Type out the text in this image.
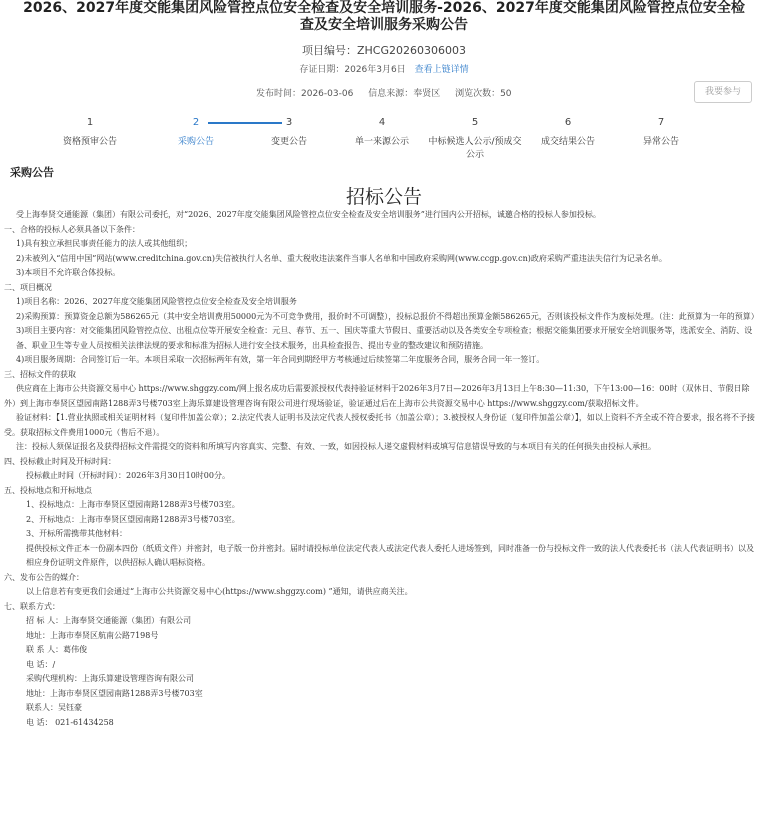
2026、2027年度交能集团风险管控点位安全检查及安全培训服务-2026、2027年度交能集团风险管控点位安全检
查及安全培训服务采购公告
项目编号：ZHCG20260306003
存证日期：2026年3月6日 查看上链详情
发布时间：2026-03-06 信息来源：奉贤区 浏览次数：50	我要参与
1
资格预审公告
2
采购公告
3
变更公告
4
单一来源公示
5
中标候选人公示/预成交
公示
6
成交结果公告
7
异常公告
采购公告
招标公告

受上海奉贤交通能源（集团）有限公司委托，对“2026、2027年度交能集团风险管控点位安全检查及安全培训服务”进行国内公开招标，诚邀合格的投标人参加投标。

一、合格的投标人必须具备以下条件：

1)具有独立承担民事责任能力的法人或其他组织；

2)未被列入“信用中国”网站(www.creditchina.gov.cn)失信被执行人名单、重大税收违法案件当事人名单和中国政府采购网(www.ccgp.gov.cn)政府采购严重违法失信行为记录名单。

3)本项目不允许联合体投标。

二、项目概况

1)项目名称：2026、2027年度交能集团风险管控点位安全检查及安全培训服务

2)采购预算：预算资金总额为586265元（其中安全培训费用50000元为不可竞争费用，报价时不可调整），投标总报价不得超出预算金额586265元，否则该投标文件作为废标处理。（注：此预算为一年的预算）

3)项目主要内容：对交能集团风险管控点位、出租点位等开展安全检查：元旦、春节、五一、国庆等重大节假日、重要活动以及各类安全专项检查；根据交能集团要求开展安全培训服务等，选派安全、消防、设备、职业卫生等专业人员按相关法律法规的要求和标准为招标人进行安全技术服务，出具检查报告、提出专业的整改建议和预防措施。

4)项目服务周期：合同签订后一年。本项目采取一次招标两年有效，第一年合同到期经甲方考核通过后续签第二年度服务合同，服务合同一年一签订。

三、招标文件的获取

供应商在上海市公共资源交易中心 https://www.shggzy.com/网上报名成功后需要派授权代表持验证材料于2026年3月7日—2026年3月13日上午8:30—11:30，下午13:00—16：00时（双休日、节假日除外）到上海市奉贤区望园南路1288弄3号楼703室上海乐算建设管理咨询有限公司进行现场验证，验证通过后在上海市公共资源交易中心 https://www.shggzy.com/获取招标文件。

验证材料：【1.营业执照或相关证明材料（复印件加盖公章）；2.法定代表人证明书及法定代表人授权委托书（加盖公章）；3.被授权人身份证（复印件加盖公章）】，如以上资料不齐全或不符合要求，报名将不予接受。获取招标文件费用1000元（售后不退）。

注：投标人须保证报名及获得招标文件需提交的资料和所填写内容真实、完整、有效、一致，如因投标人递交虚假材料或填写信息错误导致的与本项目有关的任何损失由投标人承担。

四、投标截止时间及开标时间：

投标截止时间（开标时间）：2026年3月30日10时00分。

五、投标地点和开标地点

1、投标地点：上海市奉贤区望园南路1288弄3号楼703室。

2、开标地点：上海市奉贤区望园南路1288弄3号楼703室。

3、开标所需携带其他材料：

提供投标文件正本一份副本四份（纸质文件）并密封，电子版一份并密封。届时请投标单位法定代表人或法定代表人委托人进场签到，同时准备一份与投标文件一致的法人代表委托书（法人代表证明书）以及相应身份证明文件原件，以供招标人确认唱标资格。

六、发布公告的媒介：

以上信息若有变更我们会通过“上海市公共资源交易中心(https://www.shggzy.com) ”通知，请供应商关注。

七、联系方式：

招 标 人：上海奉贤交通能源（集团）有限公司

地址：上海市奉贤区航南公路7198号

联 系 人：葛伟俊

电 话：/

采购代理机构：上海乐算建设管理咨询有限公司

地址：上海市奉贤区望园南路1288弄3号楼703室

联系人：吴钰豪

电 话： 021-61434258
